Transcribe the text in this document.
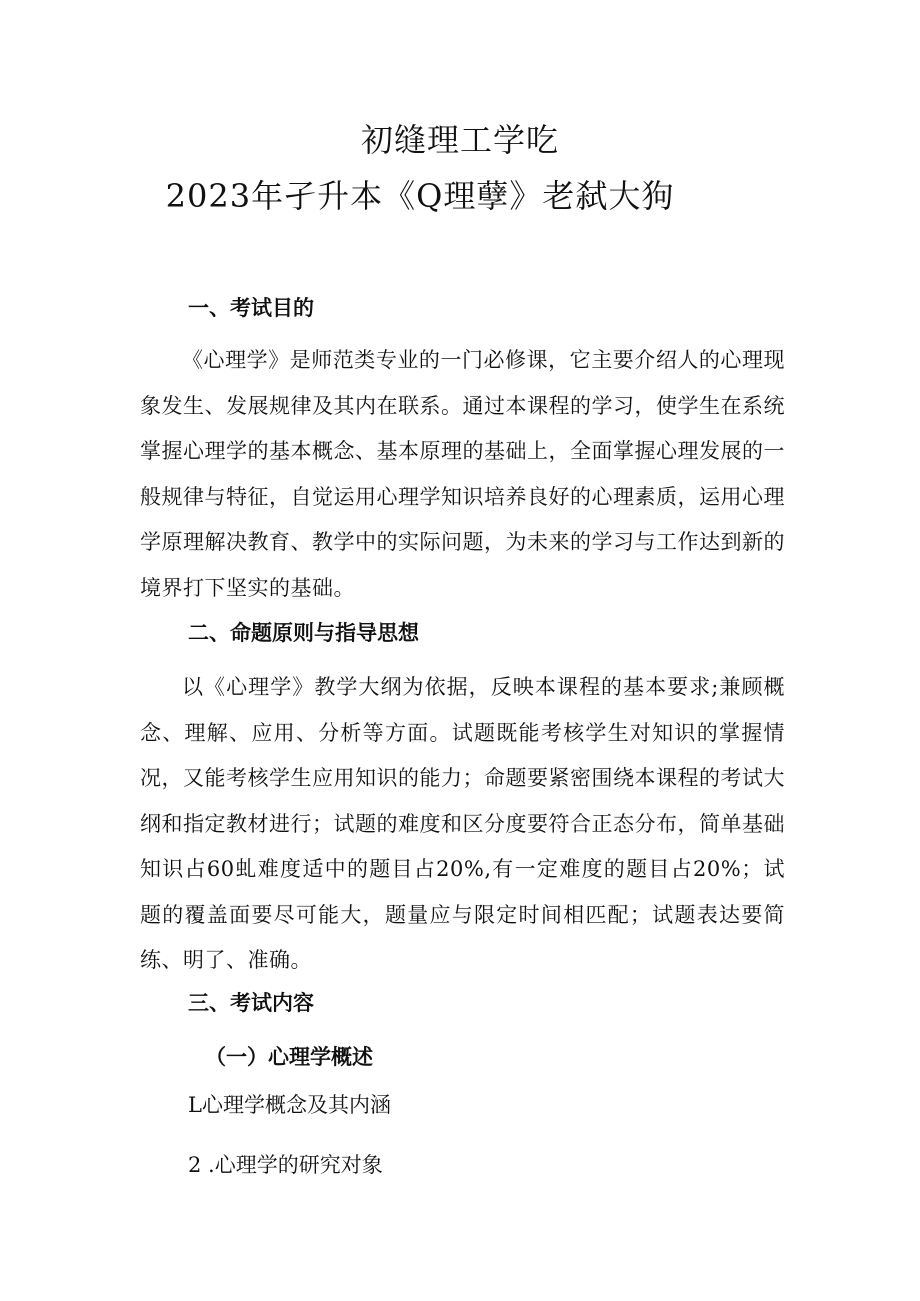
初缝理工学吃
2023年孑升本《Q理孽》老弑大狗
一、考试目的

《心理学》是师范类专业的一门必修课，它主要介绍人的心理现象发生、发展规律及其内在联系。通过本课程的学习，使学生在系统掌握心理学的基本概念、基本原理的基础上，全面掌握心理发展的一般规律与特征，自觉运用心理学知识培养良好的心理素质，运用心理学原理解决教育、教学中的实际问题，为未来的学习与工作达到新的境界打下坚实的基础。

二、命题原则与指导思想

以《心理学》教学大纲为依据，反映本课程的基本要求;兼顾概念、理解、应用、分析等方面。试题既能考核学生对知识的掌握情况，又能考核学生应用知识的能力；命题要紧密围绕本课程的考试大纲和指定教材进行；试题的难度和区分度要符合正态分布，简单基础知识占60虬难度适中的题目占20%,有一定难度的题目占20%；试题的覆盖面要尽可能大，题量应与限定时间相匹配；试题表达要简练、明了、准确。

三、考试内容
（一）心理学概述
L心理学概念及其内涵
2 .心理学的研究对象
